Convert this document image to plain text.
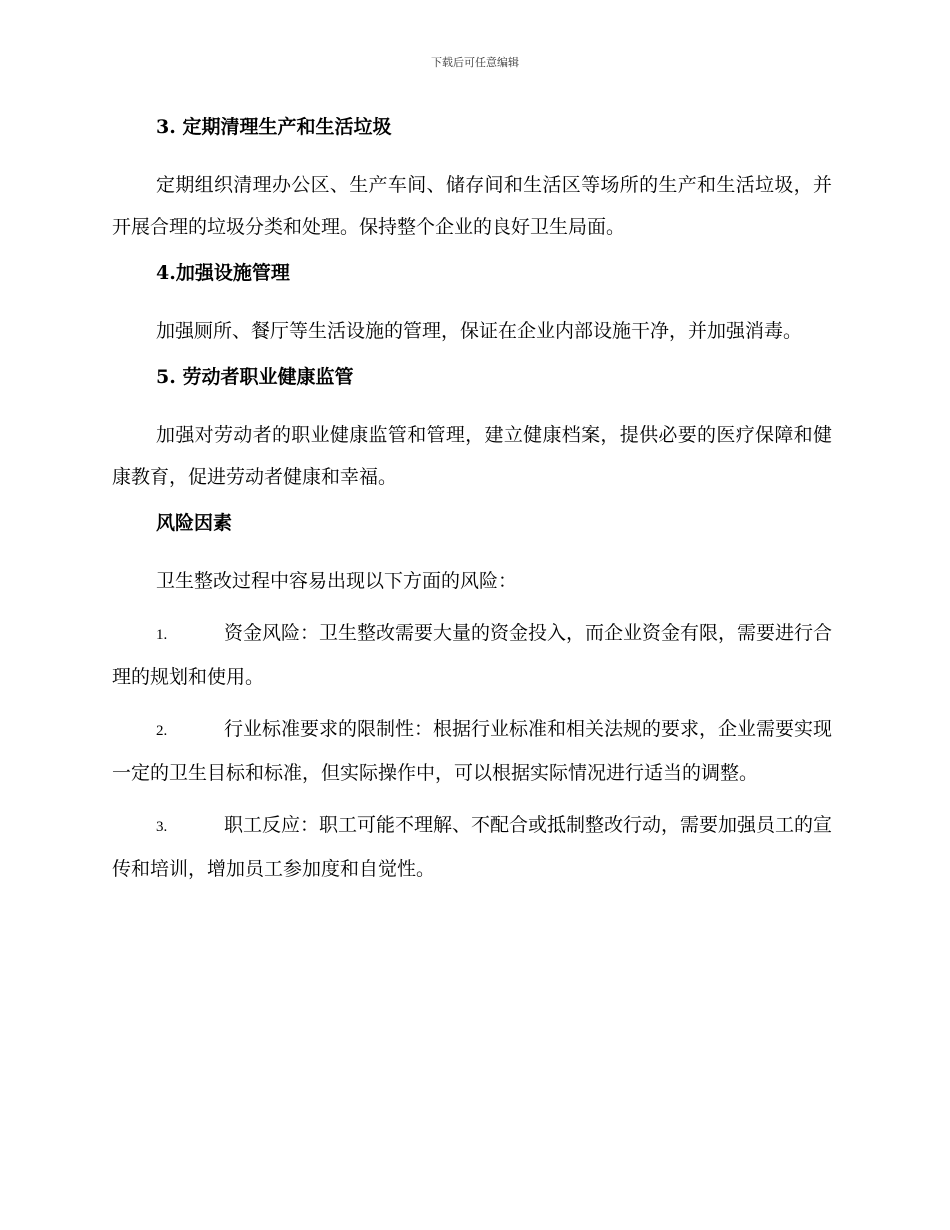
下载后可任意编辑
3. 定期清理生产和生活垃圾

定期组织清理办公区、生产车间、储存间和生活区等场所的生产和生活垃圾，并开展合理的垃圾分类和处理。保持整个企业的良好卫生局面。

4.加强设施管理

加强厕所、餐厅等生活设施的管理，保证在企业内部设施干净，并加强消毒。

5. 劳动者职业健康监管

加强对劳动者的职业健康监管和管理，建立健康档案，提供必要的医疗保障和健康教育，促进劳动者健康和幸福。

风险因素

卫生整改过程中容易出现以下方面的风险：

1.	资金风险：卫生整改需要大量的资金投入，而企业资金有限，需要进行合理的规划和使用。

2.	行业标准要求的限制性：根据行业标准和相关法规的要求，企业需要实现一定的卫生目标和标准，但实际操作中，可以根据实际情况进行适当的调整。

3.	职工反应：职工可能不理解、不配合或抵制整改行动，需要加强员工的宣传和培训，增加员工参加度和自觉性。
